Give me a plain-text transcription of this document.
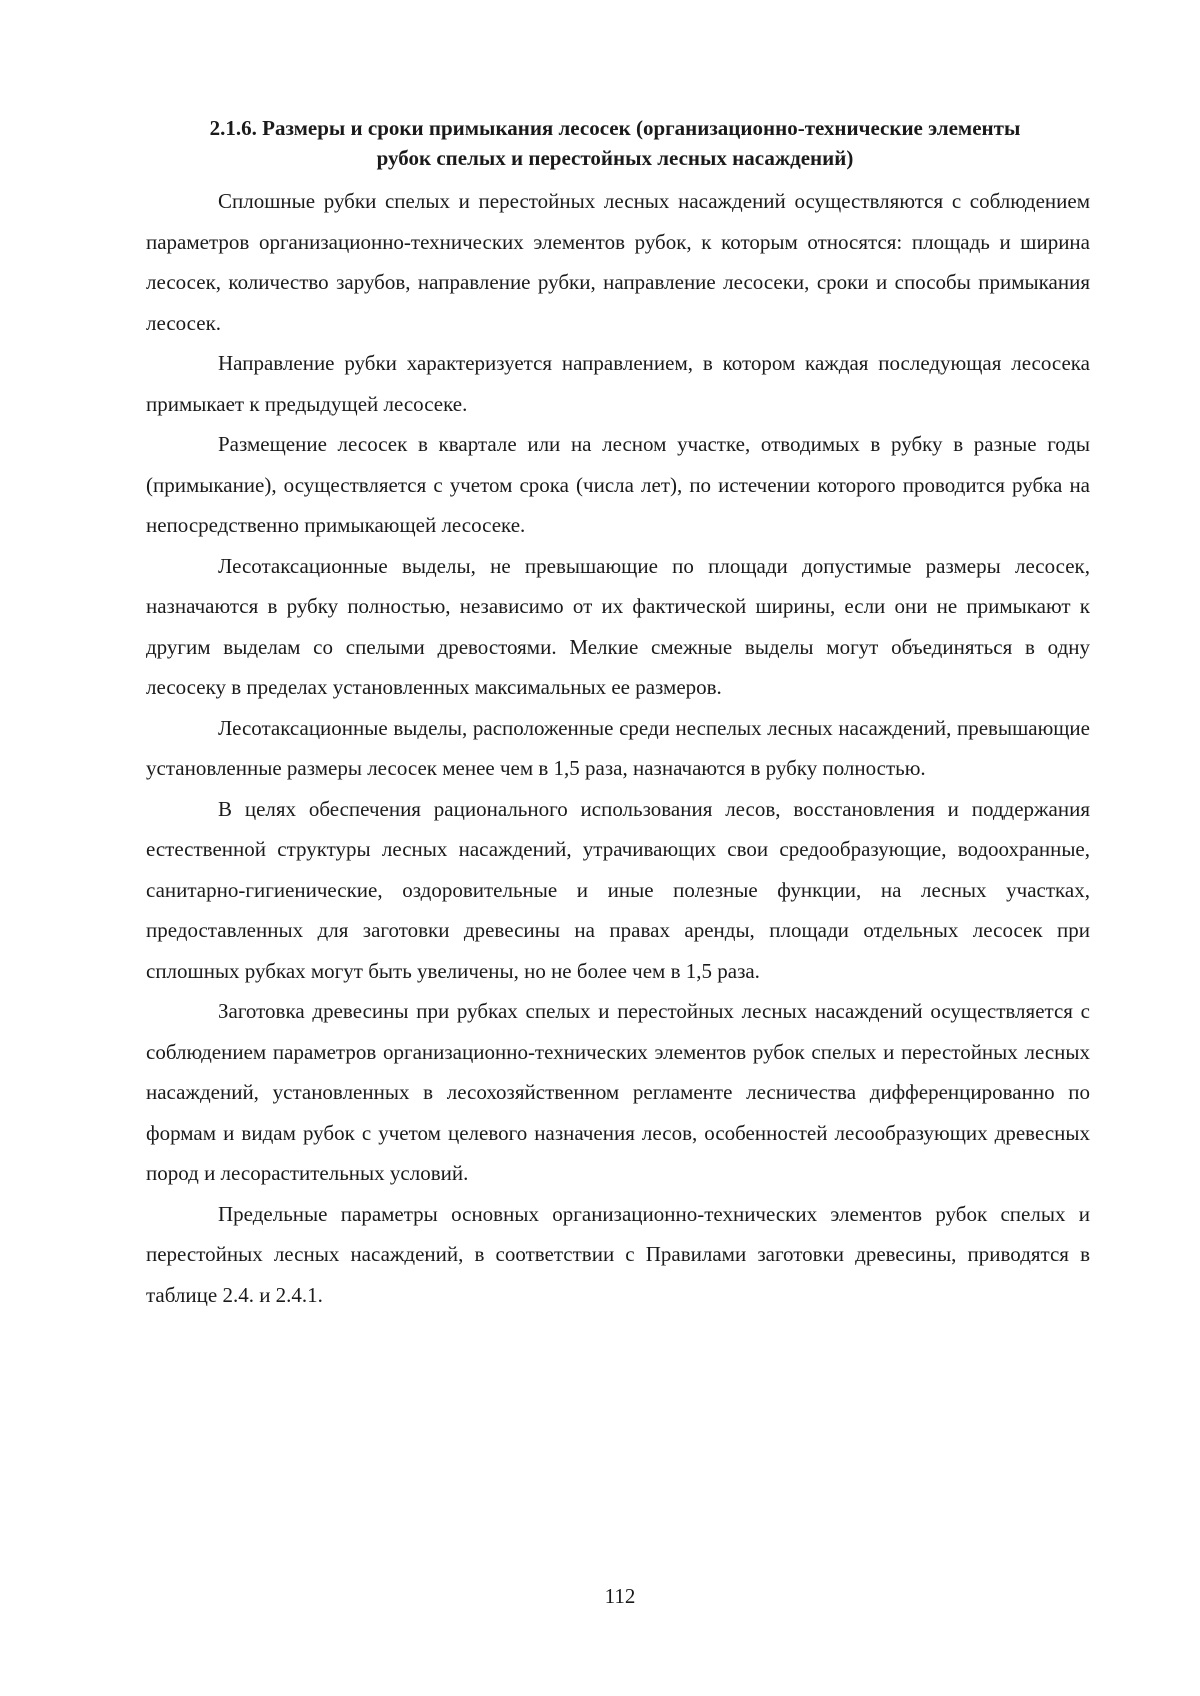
2.1.6. Размеры и сроки примыкания лесосек (организационно-технические элементы
рубок спелых и перестойных лесных насаждений)

Сплошные рубки спелых и перестойных лесных насаждений осуществляются с соблюдением параметров организационно-технических элементов рубок, к которым относятся: площадь и ширина лесосек, количество зарубов, направление рубки, направление лесосеки, сроки и способы примыкания лесосек.

Направление рубки характеризуется направлением, в котором каждая последующая лесосека примыкает к предыдущей лесосеке.

Размещение лесосек в квартале или на лесном участке, отводимых в рубку в разные годы (примыкание), осуществляется с учетом срока (числа лет), по истечении которого проводится рубка на непосредственно примыкающей лесосеке.

Лесотаксационные выделы, не превышающие по площади допустимые размеры лесосек, назначаются в рубку полностью, независимо от их фактической ширины, если они не примыкают к другим выделам со спелыми древостоями. Мелкие смежные выделы могут объединяться в одну лесосеку в пределах установленных максимальных ее размеров.

Лесотаксационные выделы, расположенные среди неспелых лесных насаждений, превышающие установленные размеры лесосек менее чем в 1,5 раза, назначаются в рубку полностью.

В целях обеспечения рационального использования лесов, восстановления и поддержания естественной структуры лесных насаждений, утрачивающих свои средообразующие, водоохранные, санитарно-гигиенические, оздоровительные и иные полезные функции, на лесных участках, предоставленных для заготовки древесины на правах аренды, площади отдельных лесосек при сплошных рубках могут быть увеличены, но не более чем в 1,5 раза.

Заготовка древесины при рубках спелых и перестойных лесных насаждений осуществляется с соблюдением параметров организационно-технических элементов рубок спелых и перестойных лесных насаждений, установленных в лесохозяйственном регламенте лесничества дифференцированно по формам и видам рубок с учетом целевого назначения лесов, особенностей лесообразующих древесных пород и лесорастительных условий.

Предельные параметры основных организационно-технических элементов рубок спелых и перестойных лесных насаждений, в соответствии с Правилами заготовки древесины, приводятся в таблице 2.4. и 2.4.1.

112
